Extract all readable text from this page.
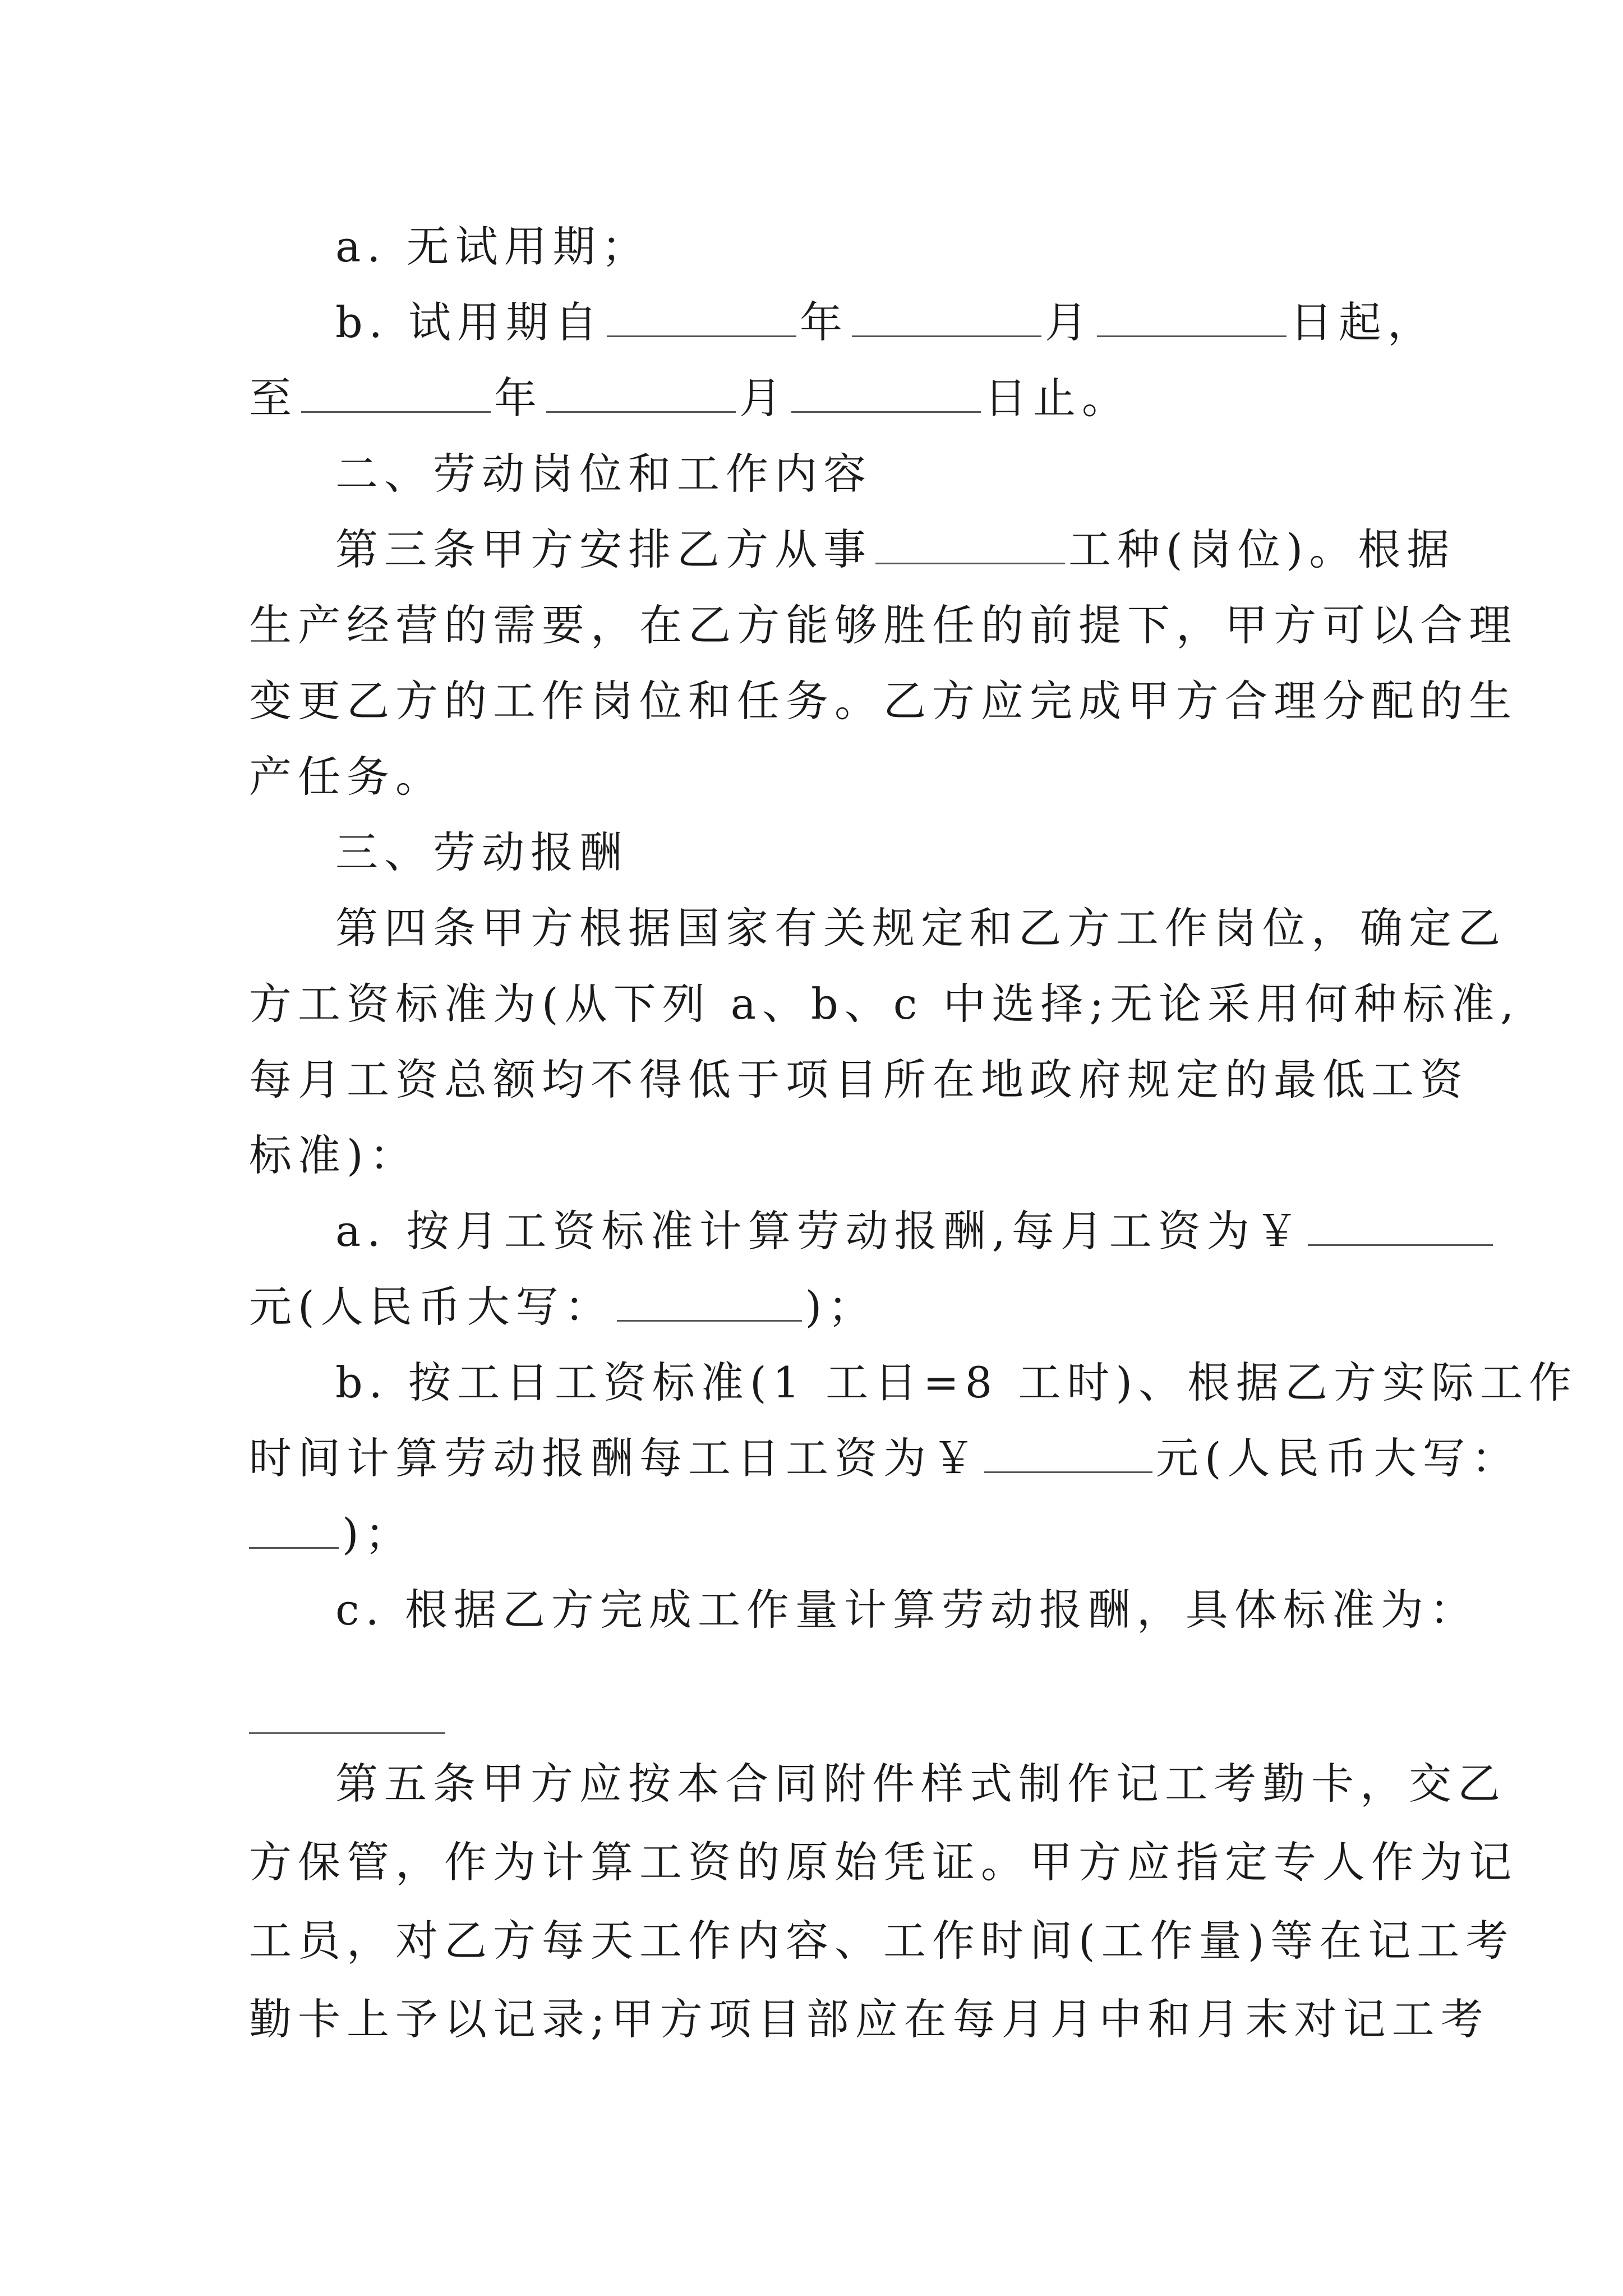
a. 无试用期；
b. 试用期自	年	月	日起，
至	年	月	日止。
二、劳动岗位和工作内容
第三条甲方安排乙方从事	工种(岗位)。根据
生产经营的需要，在乙方能够胜任的前提下，甲方可以合理
变更乙方的工作岗位和任务。乙方应完成甲方合理分配的生
产任务。
三、劳动报酬
第四条甲方根据国家有关规定和乙方工作岗位，确定乙
方工资标准为(从下列 a、b、c 中选择;无论采用何种标准,
每月工资总额均不得低于项目所在地政府规定的最低工资
标准)：
a. 按月工资标准计算劳动报酬,每月工资为￥
元(人民币大写：	)；
b. 按工日工资标准(1 工日=8 工时)、根据乙方实际工作
时间计算劳动报酬每工日工资为￥	元(人民币大写：
)；
c. 根据乙方完成工作量计算劳动报酬，具体标准为：
第五条甲方应按本合同附件样式制作记工考勤卡，交乙
方保管，作为计算工资的原始凭证。甲方应指定专人作为记
工员，对乙方每天工作内容、工作时间(工作量)等在记工考
勤卡上予以记录;甲方项目部应在每月月中和月末对记工考
